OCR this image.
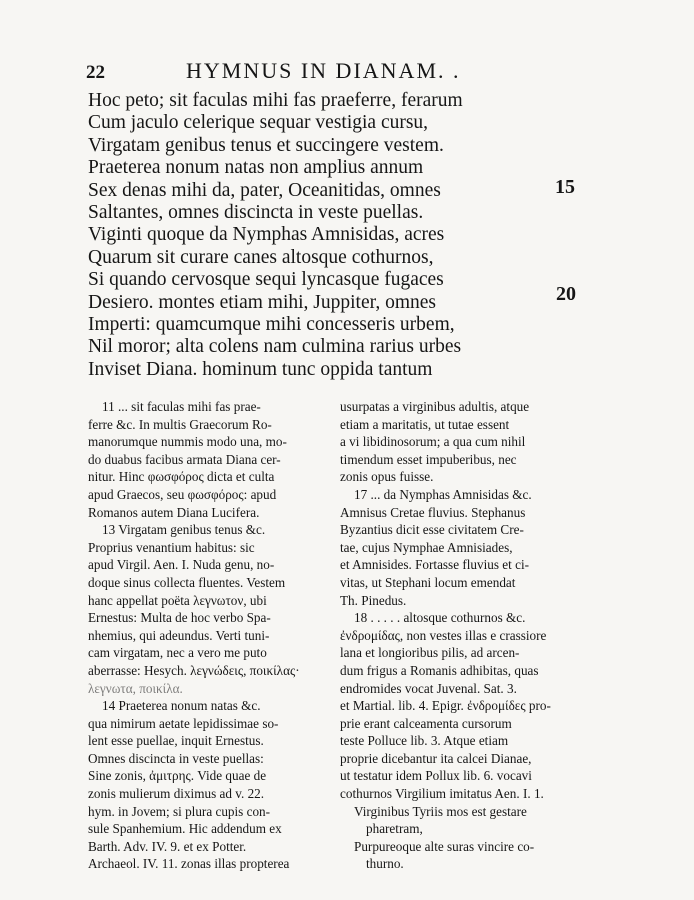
22	HYMNUS IN DIANAM. .
Hoc peto; sit faculas mihi fas praeferre, ferarum
Cum jaculo celerique sequar vestigia cursu,
Virgatam genibus tenus et succingere vestem.
Praeterea nonum natas non amplius annum
Sex denas mihi da, pater, Oceanitidas, omnes
Saltantes, omnes discincta in veste puellas.
Viginti quoque da Nymphas Amnisidas, acres
Quarum sit curare canes altosque cothurnos,
Si quando cervosque sequi lyncasque fugaces
Desiero. montes etiam mihi, Juppiter, omnes
Imperti: quamcumque mihi concesseris urbem,
Nil moror; alta colens nam culmina rarius urbes
Inviset Diana. hominum tunc oppida tantum
15
20
11 ... sit faculas mihi fas prae-
ferre &c. In multis Graecorum Ro-
manorumque nummis modo una, mo-
do duabus facibus armata Diana cer-
nitur. Hinc φωσφόρος dicta et culta
apud Graecos, seu φωσφόρος: apud
Romanos autem Diana Lucifera.
13 Virgatam genibus tenus &c.
Proprius venantium habitus: sic
apud Virgil. Aen. I. Nuda genu, no-
doque sinus collecta fluentes. Vestem
hanc appellat poëta λεγνωτον, ubi
Ernestus: Multa de hoc verbo Spa-
nhemius, qui adeundus. Verti tuni-
cam virgatam, nec a vero me puto
aberrasse: Hesych. λεγνώδεις, ποικίλας·
λεγνωτα, ποικίλα.
14 Praeterea nonum natas &c.
qua nimirum aetate lepidissimae so-
lent esse puellae, inquit Ernestus.
Omnes discincta in veste puellas:
Sine zonis, ἀμιτρης. Vide quae de
zonis mulierum diximus ad v. 22.
hym. in Jovem; si plura cupis con-
sule Spanhemium. Hic addendum ex
Barth. Adv. IV. 9. et ex Potter.
Archaeol. IV. 11. zonas illas propterea
usurpatas a virginibus adultis, atque
etiam a maritatis, ut tutae essent
a vi libidinosorum; a qua cum nihil
timendum esset impuberibus, nec
zonis opus fuisse.
17 ... da Nymphas Amnisidas &c.
Amnisus Cretae fluvius. Stephanus
Byzantius dicit esse civitatem Cre-
tae, cujus Nymphae Amnisiades,
et Amnisides. Fortasse fluvius et ci-
vitas, ut Stephani locum emendat
Th. Pinedus.
18 . . . . . altosque cothurnos &c.
ἐνδρομίδας, non vestes illas e crassiore
lana et longioribus pilis, ad arcen-
dum frigus a Romanis adhibitas, quas
endromides vocat Juvenal. Sat. 3.
et Martial. lib. 4. Epigr. ἐνδρομίδες pro-
prie erant calceamenta cursorum
teste Polluce lib. 3. Atque etiam
proprie dicebantur ita calcei Dianae,
ut testatur idem Pollux lib. 6. vocavi
cothurnos Virgilium imitatus Aen. I. 1.
Virginibus Tyriis mos est gestare
pharetram,
Purpureoque alte suras vincire co-
thurno.
